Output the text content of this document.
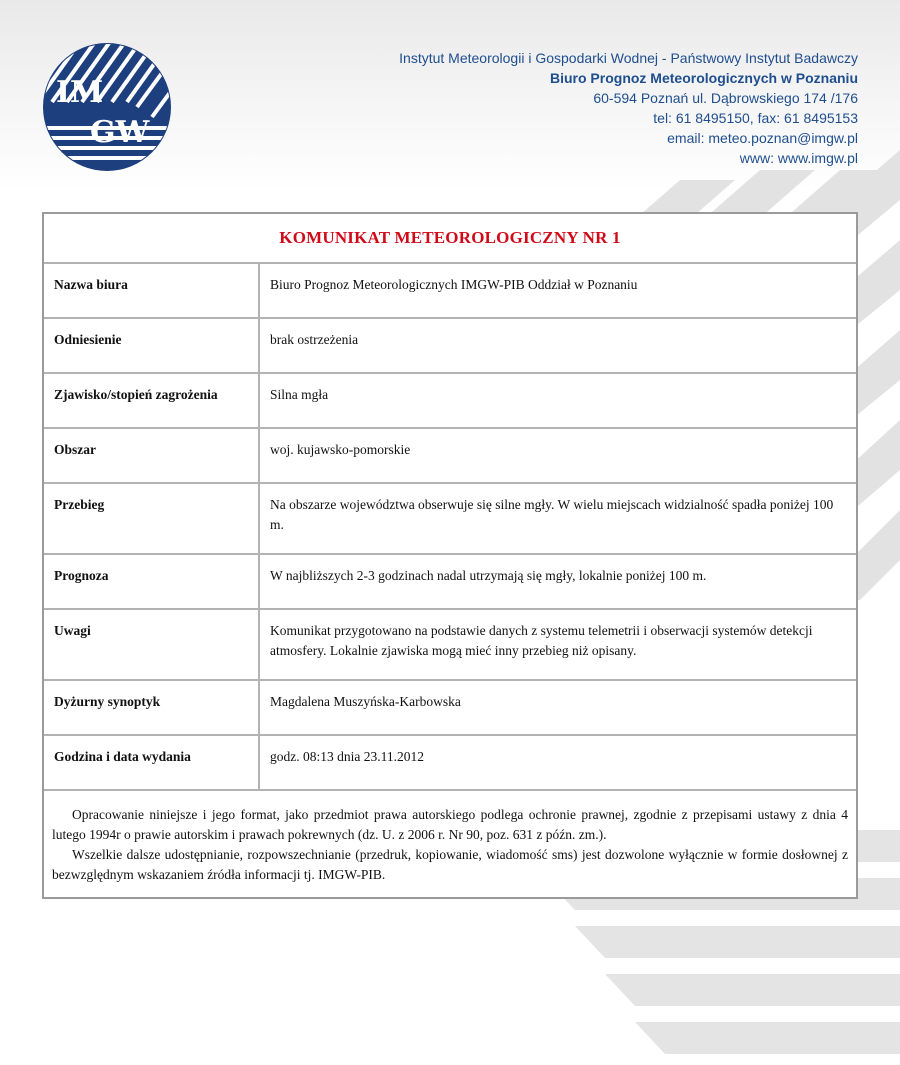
IM
GW
Instytut Meteorologii i Gospodarki Wodnej - Państwowy Instytut Badawczy
Biuro Prognoz Meteorologicznych w Poznaniu
60-594 Poznań ul. Dąbrowskiego 174 /176
tel: 61 8495150, fax: 61 8495153
email: meteo.poznan@imgw.pl
www: www.imgw.pl
KOMUNIKAT METEOROLOGICZNY NR 1
Nazwa biura	Biuro Prognoz Meteorologicznych IMGW-PIB Oddział w Poznaniu
Odniesienie	brak ostrzeżenia
Zjawisko/stopień zagrożenia	Silna mgła
Obszar	woj. kujawsko-pomorskie
Przebieg	Na obszarze województwa obserwuje się silne mgły. W wielu miejscach widzialność spadła poniżej 100 m.
Prognoza	W najbliższych 2-3 godzinach nadal utrzymają się mgły, lokalnie poniżej 100 m.
Uwagi	Komunikat przygotowano na podstawie danych z systemu telemetrii i obserwacji systemów detekcji atmosfery. Lokalnie zjawiska mogą mieć inny przebieg niż opisany.
Dyżurny synoptyk	Magdalena Muszyńska-Karbowska
Godzina i data wydania	godz. 08:13 dnia 23.11.2012

Opracowanie niniejsze i jego format, jako przedmiot prawa autorskiego podlega ochronie prawnej, zgodnie z przepisami ustawy z dnia 4 lutego 1994r o prawie autorskim i prawach pokrewnych (dz. U. z 2006 r. Nr 90, poz. 631 z późn. zm.).

Wszelkie dalsze udostępnianie, rozpowszechnianie (przedruk, kopiowanie, wiadomość sms) jest dozwolone wyłącznie w formie dosłownej z bezwzględnym wskazaniem źródła informacji tj. IMGW-PIB.
